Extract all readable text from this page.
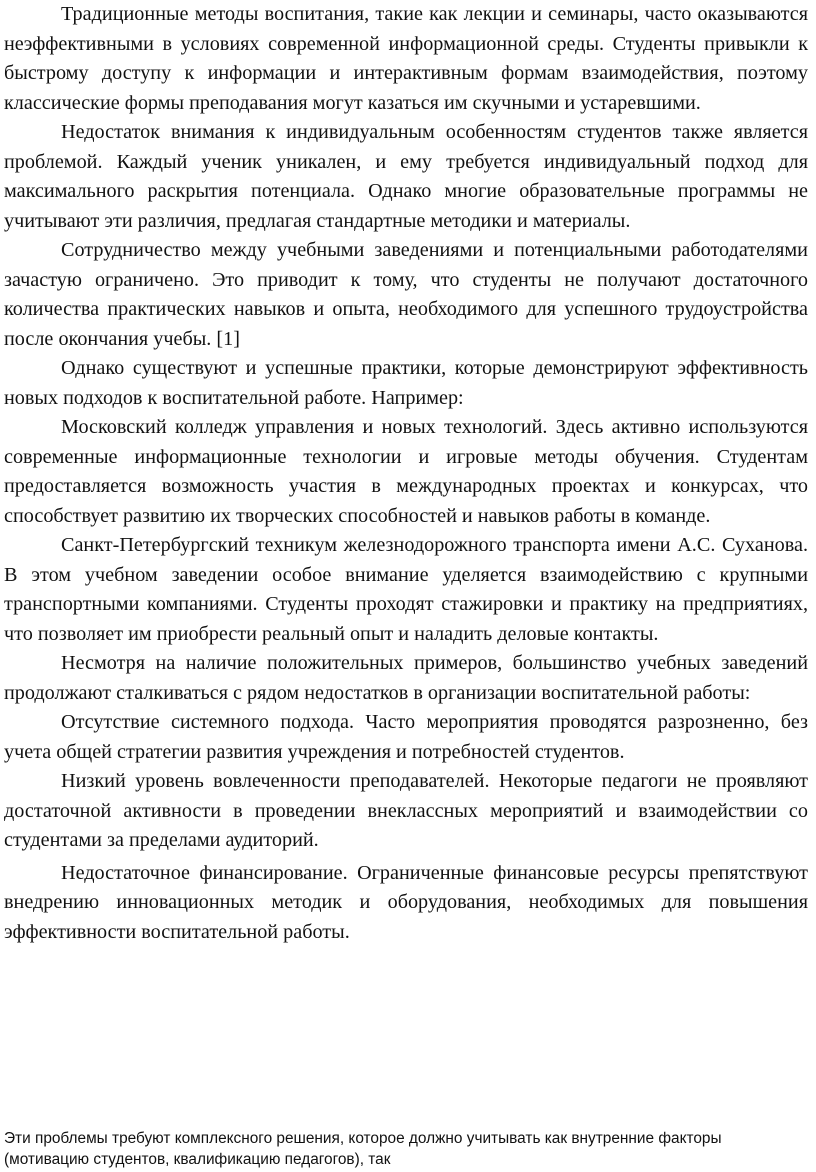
Традиционные методы воспитания, такие как лекции и семинары, часто оказываются неэффективными в условиях современной информационной среды. Студенты привыкли к быстрому доступу к информации и интерактивным формам взаимодействия, поэтому классические формы преподавания могут казаться им скучными и устаревшими.

Недостаток внимания к индивидуальным особенностям студентов также является проблемой. Каждый ученик уникален, и ему требуется индивидуальный подход для максимального раскрытия потенциала. Однако многие образовательные программы не учитывают эти различия, предлагая стандартные методики и материалы.

Сотрудничество между учебными заведениями и потенциальными работодателями зачастую ограничено. Это приводит к тому, что студенты не получают достаточного количества практических навыков и опыта, необходимого для успешного трудоустройства после окончания учебы. [1]

Однако существуют и успешные практики, которые демонстрируют эффективность новых подходов к воспитательной работе. Например:

Московский колледж управления и новых технологий. Здесь активно используются современные информационные технологии и игровые методы обучения. Студентам предоставляется возможность участия в международных проектах и конкурсах, что способствует развитию их творческих способностей и навыков работы в команде.

Санкт-Петербургский техникум железнодорожного транспорта имени А.С. Суханова. В этом учебном заведении особое внимание уделяется взаимодействию с крупными транспортными компаниями. Студенты проходят стажировки и практику на предприятиях, что позволяет им приобрести реальный опыт и наладить деловые контакты.

Несмотря на наличие положительных примеров, большинство учебных заведений продолжают сталкиваться с рядом недостатков в организации воспитательной работы:

Отсутствие системного подхода. Часто мероприятия проводятся разрозненно, без учета общей стратегии развития учреждения и потребностей студентов.

Низкий уровень вовлеченности преподавателей. Некоторые педагоги не проявляют достаточной активности в проведении внеклассных мероприятий и взаимодействии со студентами за пределами аудиторий.

Недостаточное финансирование. Ограниченные финансовые ресурсы препятствуют внедрению инновационных методик и оборудования, необходимых для повышения эффективности воспитательной работы.

Эти проблемы требуют комплексного решения, которое должно учитывать как внутренние факторы (мотивацию студентов, квалификацию педагогов), так
